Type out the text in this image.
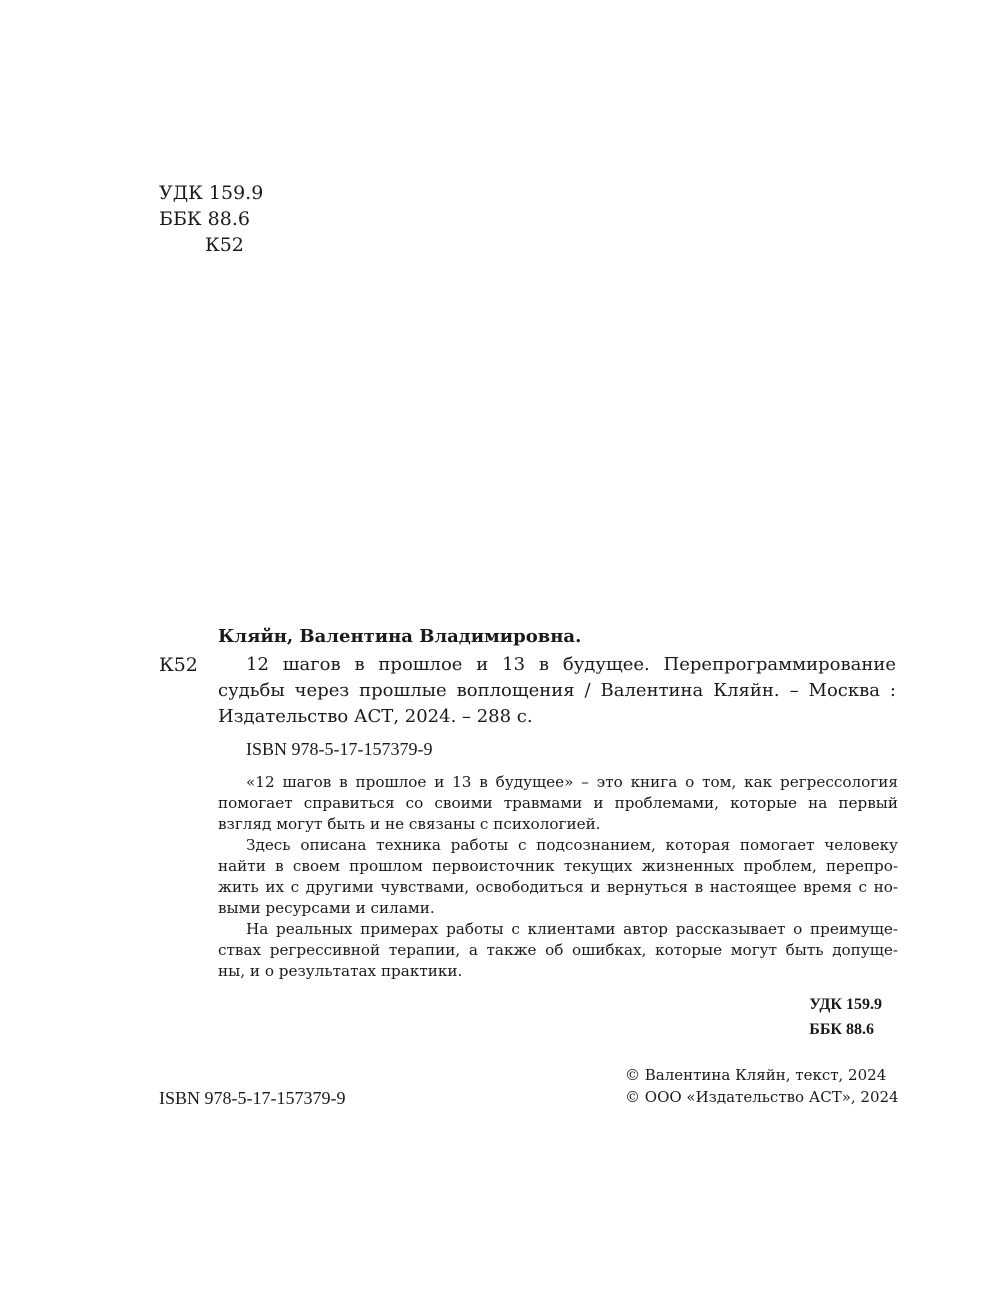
УДК 159.9
ББК 88.6
К52
Кляйн, Валентина Владимировна.
К52	12 шагов в прошлое и 13 в будущее. Перепрограммирование
судьбы через прошлые воплощения / Валентина Кляйн. – Москва :
Издательство АСТ, 2024. – 288 с.
ISBN 978-5-17-157379-9

«12 шагов в прошлое и 13 в будущее» – это книга о том, как регрессология
помогает справиться со своими травмами и проблемами, которые на первый
взгляд могут быть и не связаны с психологией.

Здесь описана техника работы с подсознанием, которая помогает человеку
найти в своем прошлом первоисточник текущих жизненных проблем, перепро-
жить их с другими чувствами, освободиться и вернуться в настоящее время с но-
выми ресурсами и силами.

На реальных примерах работы с клиентами автор рассказывает о преимуще-
ствах регрессивной терапии, а также об ошибках, которые могут быть допуще-
ны, и о результатах практики.

УДК 159.9
ББК 88.6
ISBN 978-5-17-157379-9
© Валентина Кляйн, текст, 2024
© ООО «Издательство АСТ», 2024
